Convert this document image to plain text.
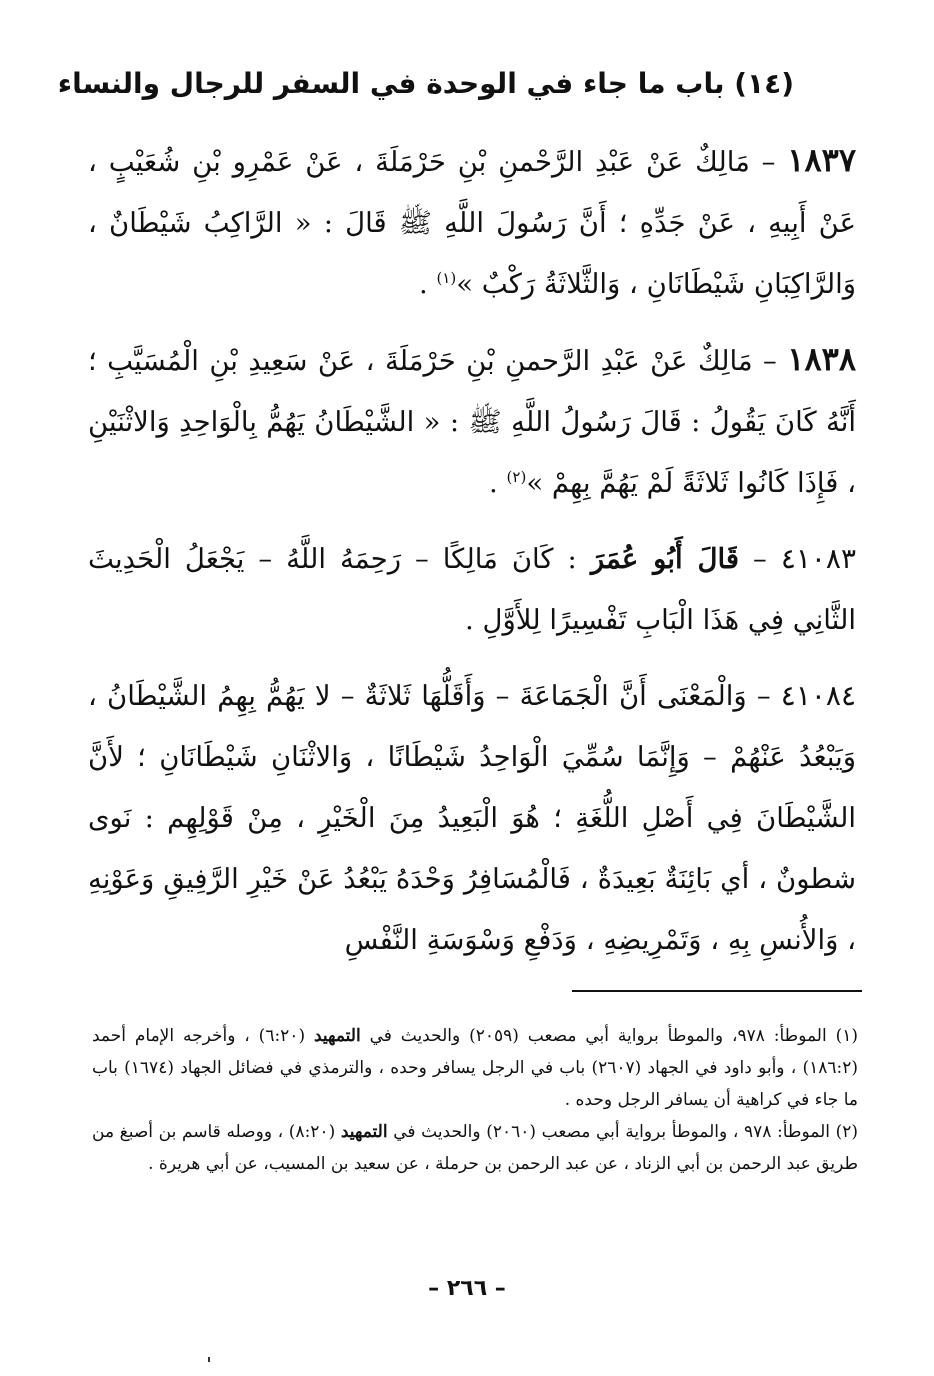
(١٤) باب ما جاء في الوحدة في السفر للرجال والنساء

١٨٣٧ – مَالِكٌ عَنْ عَبْدِ الرَّحْمنِ بْنِ حَرْمَلَةَ ، عَنْ عَمْرِو بْنِ شُعَيْبٍ ، عَنْ أَبِيهِ ، عَنْ جَدِّهِ ؛ أَنَّ رَسُولَ اللَّهِ ﷺ قَالَ : « الرَّاكِبُ شَيْطَانٌ ، وَالرَّاكِبَانِ شَيْطَانَانِ ، وَالثَّلاثَةُ رَكْبٌ »$^{(١)}$ .

١٨٣٨ – مَالِكٌ عَنْ عَبْدِ الرَّحمنِ بْنِ حَرْمَلَةَ ، عَنْ سَعِيدِ بْنِ الْمُسَيَّبِ ؛ أَنَّهُ كَانَ يَقُولُ : قَالَ رَسُولُ اللَّهِ ﷺ : « الشَّيْطَانُ يَهُمُّ بِالْوَاحِدِ وَالاثْنَيْنِ ، فَإِذَا كَانُوا ثَلاثَةً لَمْ يَهُمَّ بِهِمْ »$^{(٢)}$ .

٤١٠٨٣ – قَالَ أَبُو عُمَرَ : كَانَ مَالِكًا – رَحِمَهُ اللَّهُ – يَجْعَلُ الْحَدِيثَ الثَّانِي فِي هَذَا الْبَابِ تَفْسِيرًا لِلأَوَّلِ .

٤١٠٨٤ – وَالْمَعْنَى أَنَّ الْجَمَاعَةَ – وَأَقَلُّهَا ثَلاثَةٌ – لا يَهُمُّ بِهِمُ الشَّيْطَانُ ، وَيَبْعُدُ عَنْهُمْ – وَإِنَّمَا سُمِّيَ الْوَاحِدُ شَيْطَانًا ، وَالاثْنَانِ شَيْطَانَانِ ؛ لأَنَّ الشَّيْطَانَ فِي أَصْلِ اللُّغَةِ ؛ هُوَ الْبَعِيدُ مِنَ الْخَيْرِ ، مِنْ قَوْلِهِم : نَوى شطونٌ ، أي بَائِنَةٌ بَعِيدَةٌ ، فَالْمُسَافِرُ وَحْدَهُ يَبْعُدُ عَنْ خَيْرِ الرَّفِيقِ وَعَوْنِهِ ، وَالأُنسِ بِهِ ، وَتَمْرِيضِهِ ، وَدَفْعِ وَسْوَسَةِ النَّفْسِ

(١) الموطأ: ٩٧٨، والموطأ برواية أبي مصعب (٢٠٥٩) والحديث في التمهيد (٦:٢٠) ، وأخرجه الإمام أحمد (١٨٦:٢) ، وأبو داود في الجهاد (٢٦٠٧) باب في الرجل يسافر وحده ، والترمذي في فضائل الجهاد (١٦٧٤) باب ما جاء في كراهية أن يسافر الرجل وحده .

(٢) الموطأ: ٩٧٨ ، والموطأ برواية أبي مصعب (٢٠٦٠) والحديث في التمهيد (٨:٢٠) ، ووصله قاسم بن أصبغ من طريق عبد الرحمن بن أبي الزناد ، عن عبد الرحمن بن حرملة ، عن سعيد بن المسيب، عن أبي هريرة .

– ٢٦٦ –
